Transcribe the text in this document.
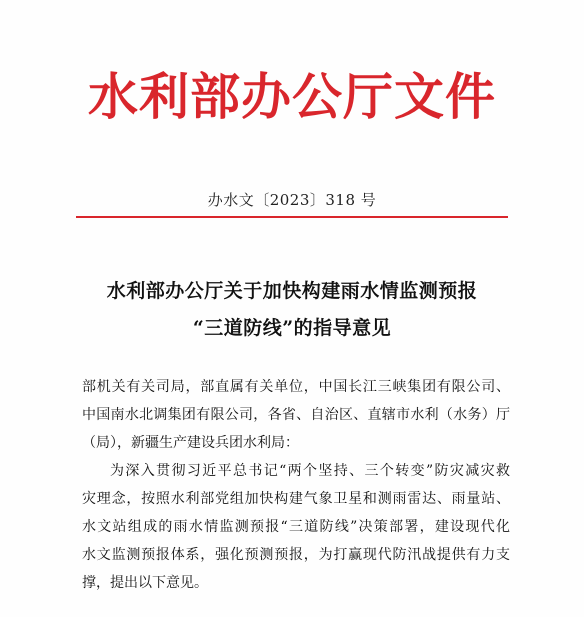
水利部办公厅文件
办水文〔2023〕318 号
水利部办公厅关于加快构建雨水情监测预报
“三道防线”的指导意见
部机关有关司局，部直属有关单位，中国长江三峡集团有限公司、
中国南水北调集团有限公司，各省、自治区、直辖市水利（水务）厅
（局），新疆生产建设兵团水利局：
为深入贯彻习近平总书记“两个坚持、三个转变”防灾减灾救
灾理念，按照水利部党组加快构建气象卫星和测雨雷达、雨量站、
水文站组成的雨水情监测预报“三道防线”决策部署，建设现代化
水文监测预报体系，强化预测预报，为打赢现代防汛战提供有力支
撑，提出以下意见。
